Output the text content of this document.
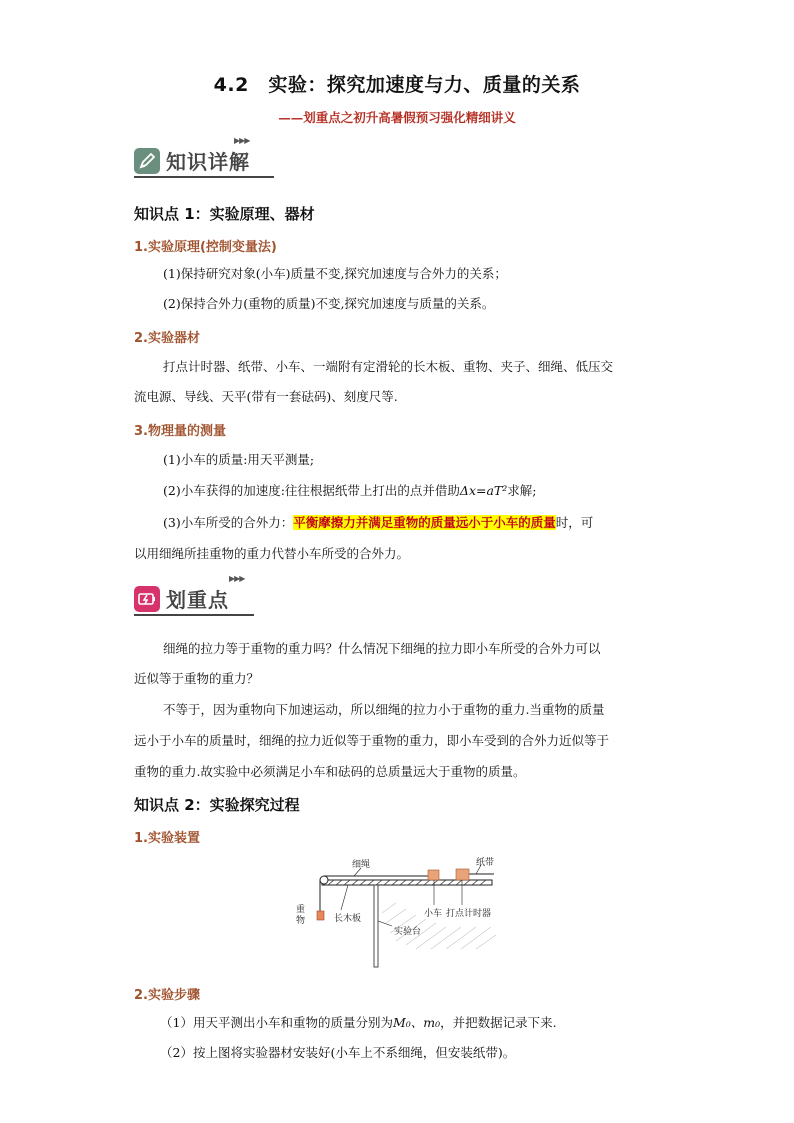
4.2　实验：探究加速度与力、质量的关系
——划重点之初升高暑假预习强化精细讲义
知识详解
▶▶▶
知识点 1：实验原理、器材
1.实验原理(控制变量法)
(1)保持研究对象(小车)质量不变,探究加速度与合外力的关系；
(2)保持合外力(重物的质量)不变,探究加速度与质量的关系。
2.实验器材
打点计时器、纸带、小车、一端附有定滑轮的长木板、重物、夹子、细绳、低压交
流电源、导线、天平(带有一套砝码)、刻度尺等.
3.物理量的测量
(1)小车的质量:用天平测量;
(2)小车获得的加速度:往往根据纸带上打出的点并借助Δx=aT²求解;
(3)小车所受的合外力：平衡摩擦力并满足重物的质量远小于小车的质量时，可
以用细绳所挂重物的重力代替小车所受的合外力。
划重点
▶▶▶
细绳的拉力等于重物的重力吗？什么情况下细绳的拉力即小车所受的合外力可以
近似等于重物的重力？
不等于，因为重物向下加速运动，所以细绳的拉力小于重物的重力.当重物的质量
远小于小车的质量时，细绳的拉力近似等于重物的重力，即小车受到的合外力近似等于
重物的重力.故实验中必须满足小车和砝码的总质量远大于重物的质量。
知识点 2：实验探究过程
1.实验装置
细绳	纸带
重物	长木板	小车 打点计时器
实验台
2.实验步骤
（1）用天平测出小车和重物的质量分别为M₀、m₀，并把数据记录下来.
（2）按上图将实验器材安装好(小车上不系细绳，但安装纸带)。
